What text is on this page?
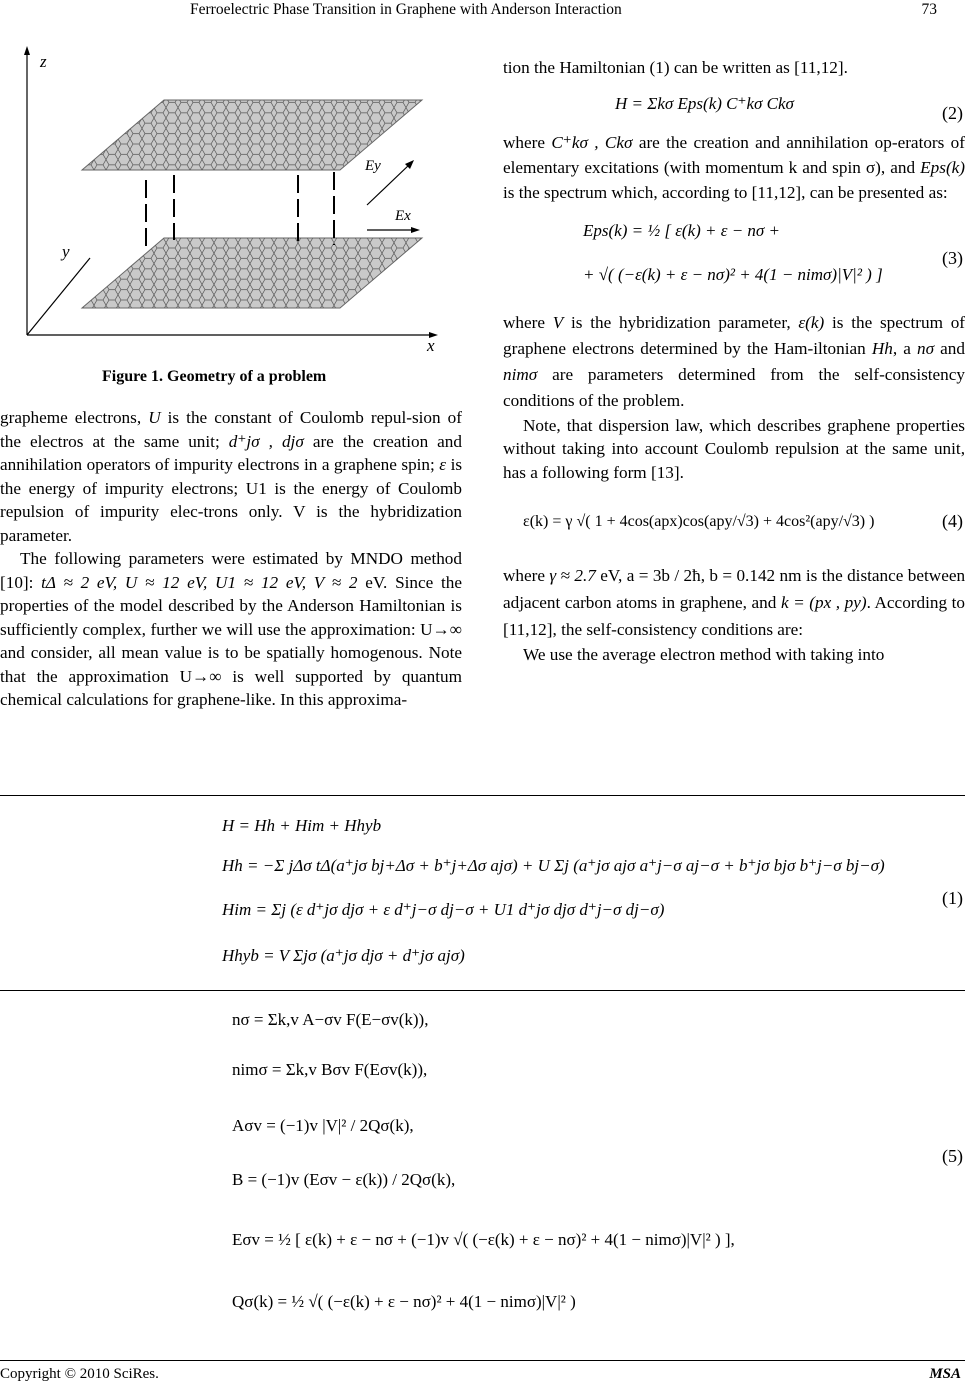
Ferroelectric Phase Transition in Graphene with Anderson Interaction	73
z
y
x
Ey
Ex
Figure 1. Geometry of a problem

grapheme electrons, U is the constant of Coulomb repul-sion of the electros at the same unit; d⁺jσ , djσ are the creation and annihilation operators of impurity electrons in a graphene spin; ε is the energy of impurity electrons; U1 is the energy of Coulomb repulsion of impurity elec-trons only. V is the hybridization parameter.

The following parameters were estimated by MNDO method [10]: tΔ ≈ 2 eV, U ≈ 12 eV, U1 ≈ 12 eV, V ≈ 2 eV. Since the properties of the model described by the Anderson Hamiltonian is sufficiently complex, further we will use the approximation: U→∞ and consider, all mean value is to be spatially homogenous. Note that the approximation U→∞ is well supported by quantum chemical calculations for graphene-like. In this approxima-

tion the Hamiltonian (1) can be written as [11,12].

H = Σkσ Eps(k) C⁺kσ Ckσ	(2)

where C⁺kσ , Ckσ are the creation and annihilation op-erators of elementary excitations (with momentum k and spin σ), and Eps(k) is the spectrum which, according to [11,12], can be presented as:

Eps(k) = ½ [ ε(k) + ε − nσ +
+ √( (−ε(k) + ε − nσ)² + 4(1 − nimσ)|V|² ) ]
(3)

where V is the hybridization parameter, ε(k) is the spectrum of graphene electrons determined by the Ham-iltonian Hh, a nσ and nimσ are parameters determined from the self-consistency conditions of the problem.

Note, that dispersion law, which describes graphene properties without taking into account Coulomb repulsion at the same unit, has a following form [13].

ε(k) = γ √( 1 + 4cos(apx)cos(apy/√3) + 4cos²(apy/√3) )	(4)

where γ ≈ 2.7 eV, a = 3b / 2ħ, b = 0.142 nm is the distance between adjacent carbon atoms in graphene, and k = (px , py). According to [11,12], the self-consistency conditions are:

We use the average electron method with taking into

H = Hh + Him + Hhyb
Hh = −Σ jΔσ tΔ(a⁺jσ bj+Δσ + b⁺j+Δσ ajσ) + U Σj (a⁺jσ ajσ a⁺j−σ aj−σ + b⁺jσ bjσ b⁺j−σ bj−σ)
Him = Σj (ε d⁺jσ djσ + ε d⁺j−σ dj−σ + U1 d⁺jσ djσ d⁺j−σ dj−σ)
Hhyb = V Σjσ (a⁺jσ djσ + d⁺jσ ajσ)
(1)
nσ = Σk,v A−σv F(E−σv(k)),
nimσ = Σk,v Bσv F(Eσv(k)),
Aσv = (−1)v |V|² / 2Qσ(k),
B = (−1)v (Eσv − ε(k)) / 2Qσ(k),
Eσv = ½ [ ε(k) + ε − nσ + (−1)v √( (−ε(k) + ε − nσ)² + 4(1 − nimσ)|V|² ) ],
Qσ(k) = ½ √( (−ε(k) + ε − nσ)² + 4(1 − nimσ)|V|² )
(5)
Copyright © 2010 SciRes.	MSA
